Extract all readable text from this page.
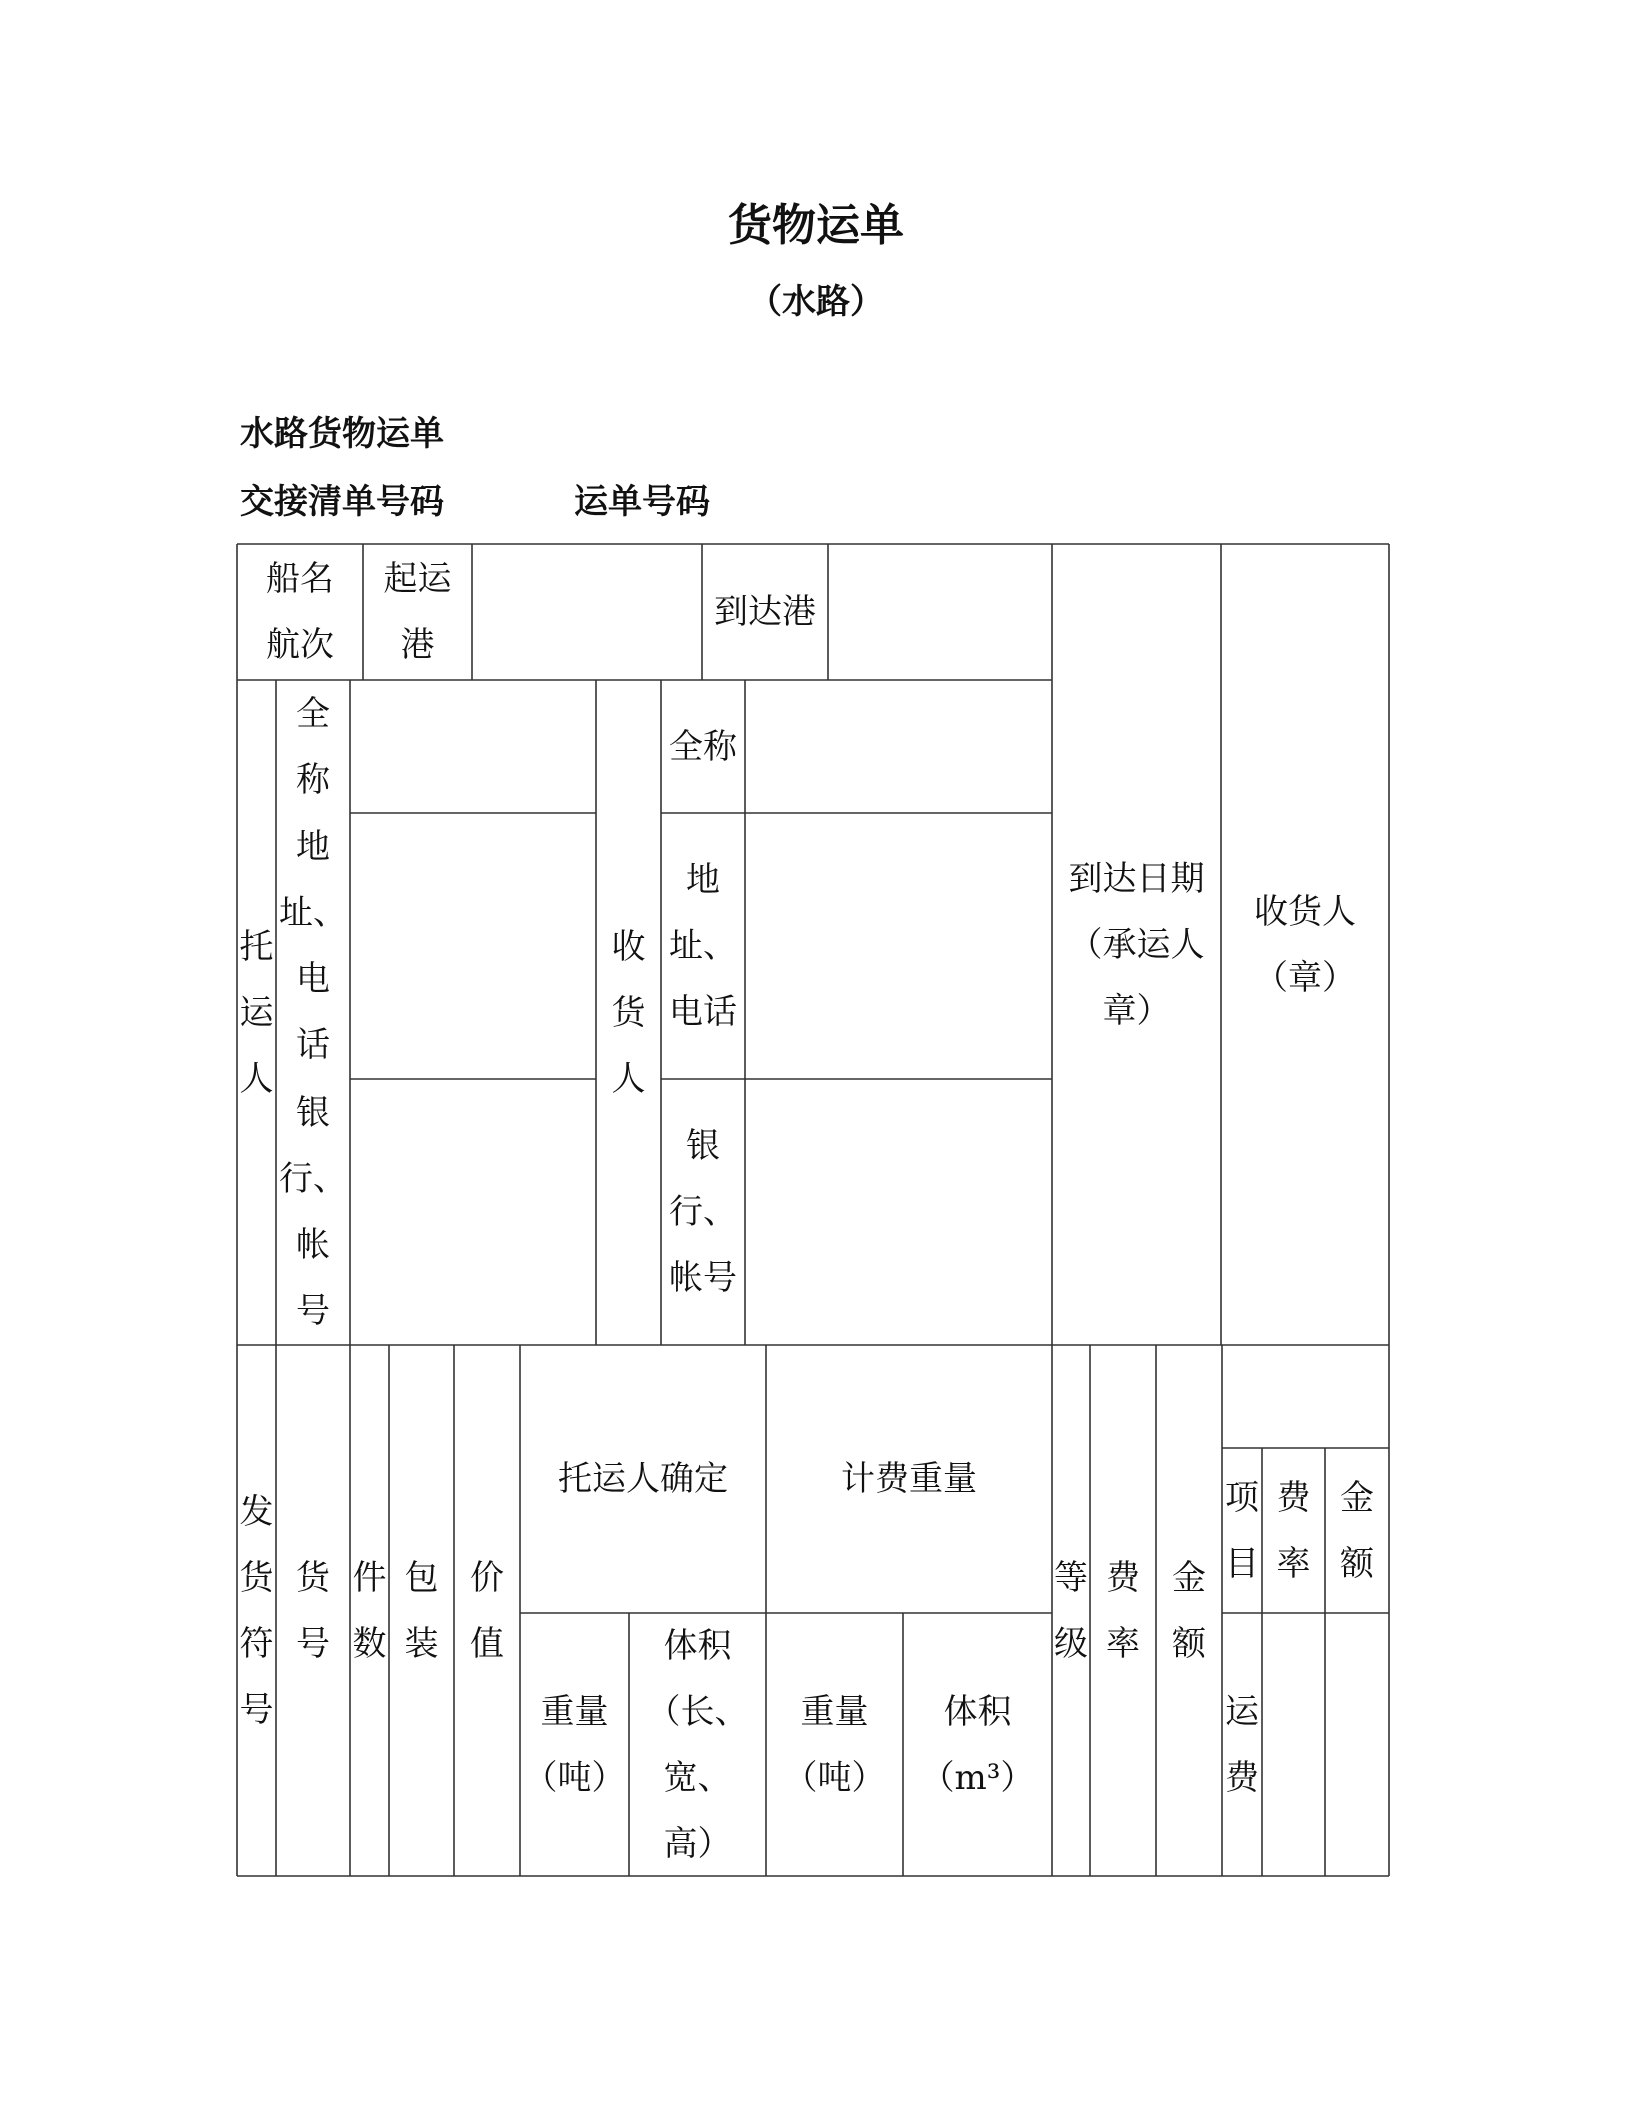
货物运单
（水路）
水路货物运单
交接清单号码	运单号码
船名
航次
起运
港
到达港
到达日期
（承运人
章）
收货人
（章）
托
运
人
全
称
地
址、
电
话
银
行、
帐
号
收
货
人
全称
地
址、
电话
银
行、
帐号
发
货
符
号
货
号
件
数
包
装
价
值
托运人确定	计费重量
重量
（吨）
体积
（长、
宽、
高）
重量
（吨）
体积
（m³）
等
级
费
率
金
额
项
目
费
率
金
额
运
费
